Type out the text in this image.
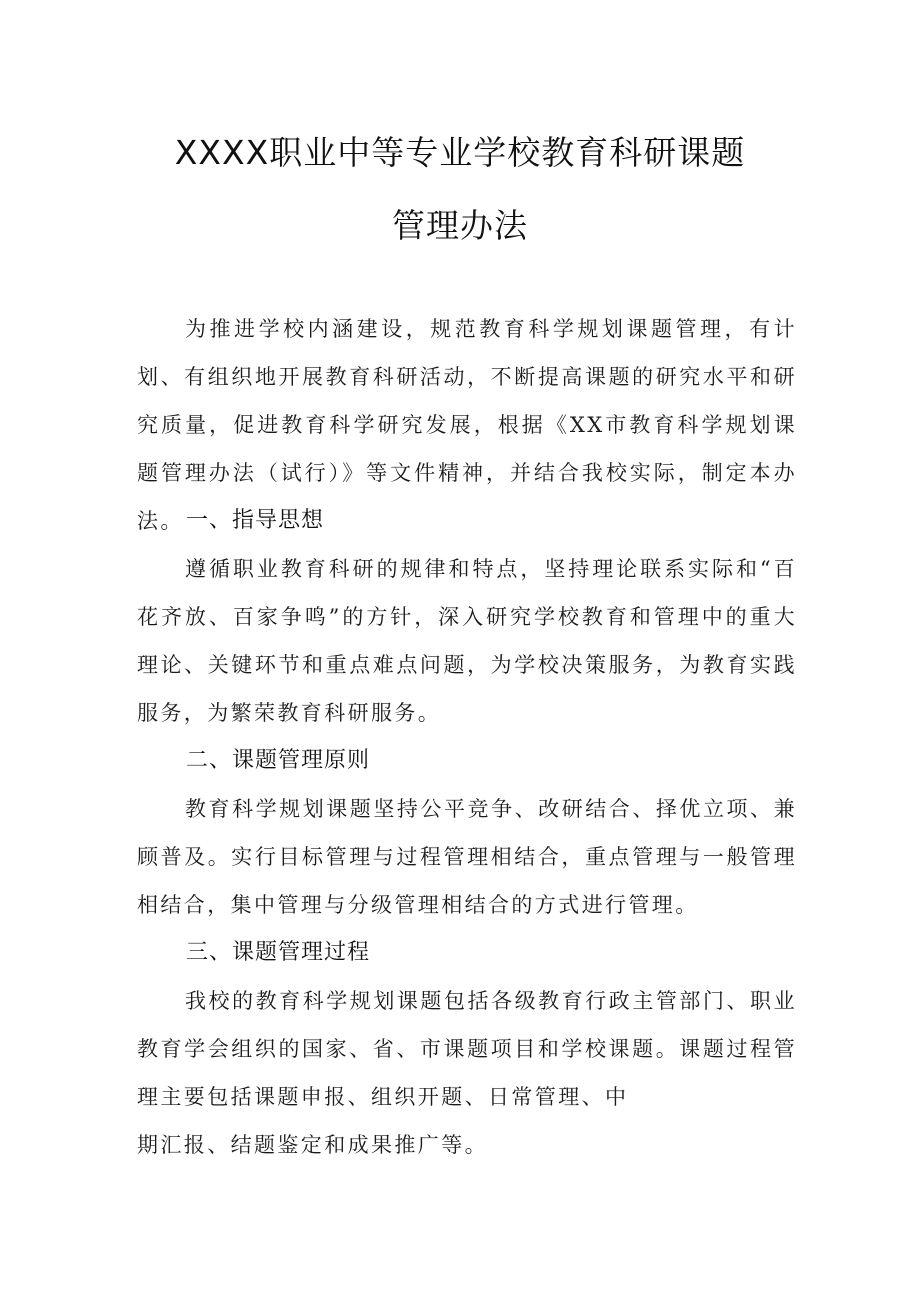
XXXX职业中等专业学校教育科研课题
管理办法

为推进学校内涵建设，规范教育科学规划课题管理，有计划、有组织地开展教育科研活动，不断提高课题的研究水平和研究质量，促进教育科学研究发展，根据《XX市教育科学规划课题管理办法（试行）》等文件精神，并结合我校实际，制定本办法。 一、指导思想

遵循职业教育科研的规律和特点，坚持理论联系实际和“百花齐放、百家争鸣”的方针，深入研究学校教育和管理中的重大理论、关键环节和重点难点问题，为学校决策服务，为教育实践服务，为繁荣教育科研服务。

二、课题管理原则

教育科学规划课题坚持公平竞争、改研结合、择优立项、兼顾普及。实行目标管理与过程管理相结合，重点管理与一般管理相结合，集中管理与分级管理相结合的方式进行管理。

三、课题管理过程

我校的教育科学规划课题包括各级教育行政主管部门、职业教育学会组织的国家、省、市课题项目和学校课题。课题过程管理主要包括课题申报、组织开题、日常管理、中

期汇报、结题鉴定和成果推广等。
